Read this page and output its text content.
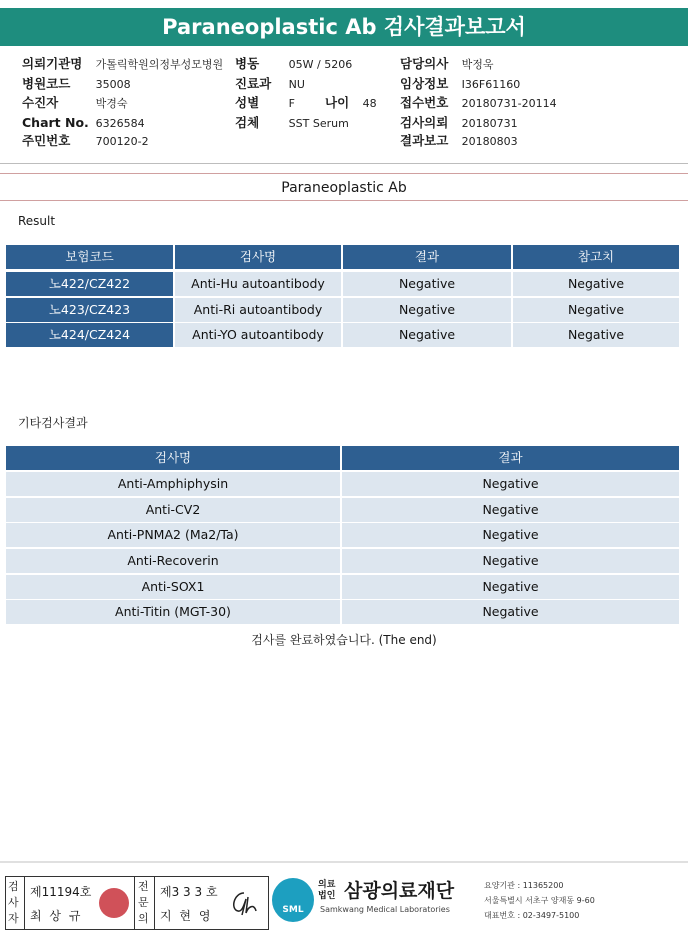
Paraneoplastic Ab 검사결과보고서
의뢰기관명 가톨릭학원의정부성모병원 병동	05W / 5206	담당의사 박정욱
병원코드 35008	진료과 NU	임상정보 I36F61160
수진자	박경숙	성별	F 나이 48 접수번호 20180731-20114
Chart No. 6326584	검체	SST Serum	검사의뢰 20180731
주민번호 700120-2	결과보고 20180803
Paraneoplastic Ab
Result
보험코드	검사명	결과	참고치
노422/CZ422	Anti-Hu autoantibody	Negative	Negative
노423/CZ423	Anti-Ri autoantibody	Negative	Negative
노424/CZ424	Anti-YO autoantibody	Negative	Negative
기타검사결과
검사명	결과
Anti-Amphiphysin	Negative
Anti-CV2	Negative
Anti-PNMA2 (Ma2/Ta)	Negative
Anti-Recoverin	Negative
Anti-SOX1	Negative
Anti-Titin (MGT-30)	Negative
검사를 완료하였습니다. (The end)
검사자
제11194호
최 상 규
전문의
제3 3 3 호
지 현 영	SML
의료법인 삼광의료재단
Samkwang Medical Laboratories
요양기관 : 11365200
서울특별시 서초구 양재동 9-60
대표번호 : 02-3497-5100
